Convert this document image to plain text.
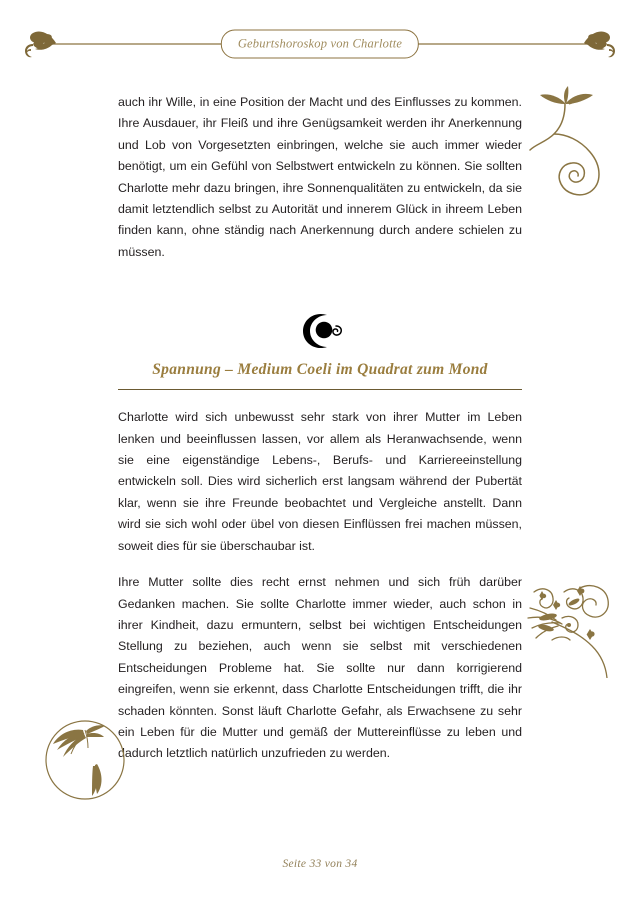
Geburtshoroskop von Charlotte

auch ihr Wille, in eine Position der Macht und des Einflusses zu kommen. Ihre Ausdauer, ihr Fleiß und ihre Genügsamkeit werden ihr Anerkennung und Lob von Vorgesetzten einbringen, welche sie auch immer wieder benötigt, um ein Gefühl von Selbstwert entwickeln zu können. Sie sollten Charlotte mehr dazu bringen, ihre Sonnenqualitäten zu entwickeln, da sie damit letztendlich selbst zu Autorität und innerem Glück in ihreem Leben finden kann, ohne ständig nach Anerkennung durch andere schielen zu müssen.

Spannung – Medium Coeli im Quadrat zum Mond

Charlotte wird sich unbewusst sehr stark von ihrer Mutter im Leben lenken und beeinflussen lassen, vor allem als Heranwachsende, wenn sie eine eigenständige Lebens-, Berufs- und Karriereeinstellung entwickeln soll. Dies wird sicherlich erst langsam während der Pubertät klar, wenn sie ihre Freunde beobachtet und Vergleiche anstellt. Dann wird sie sich wohl oder übel von diesen Einflüssen frei machen müssen, soweit dies für sie überschaubar ist.

Ihre Mutter sollte dies recht ernst nehmen und sich früh darüber Gedanken machen. Sie sollte Charlotte immer wieder, auch schon in ihrer Kindheit, dazu ermuntern, selbst bei wichtigen Entscheidungen Stellung zu beziehen, auch wenn sie selbst mit verschiedenen Entscheidungen Probleme hat. Sie sollte nur dann korrigierend eingreifen, wenn sie erkennt, dass Charlotte Entscheidungen trifft, die ihr schaden könnten. Sonst läuft Charlotte Gefahr, als Erwachsene zu sehr ein Leben für die Mutter und gemäß der Muttereinflüsse zu leben und dadurch letztlich natürlich unzufrieden zu werden.

Seite 33 von 34
